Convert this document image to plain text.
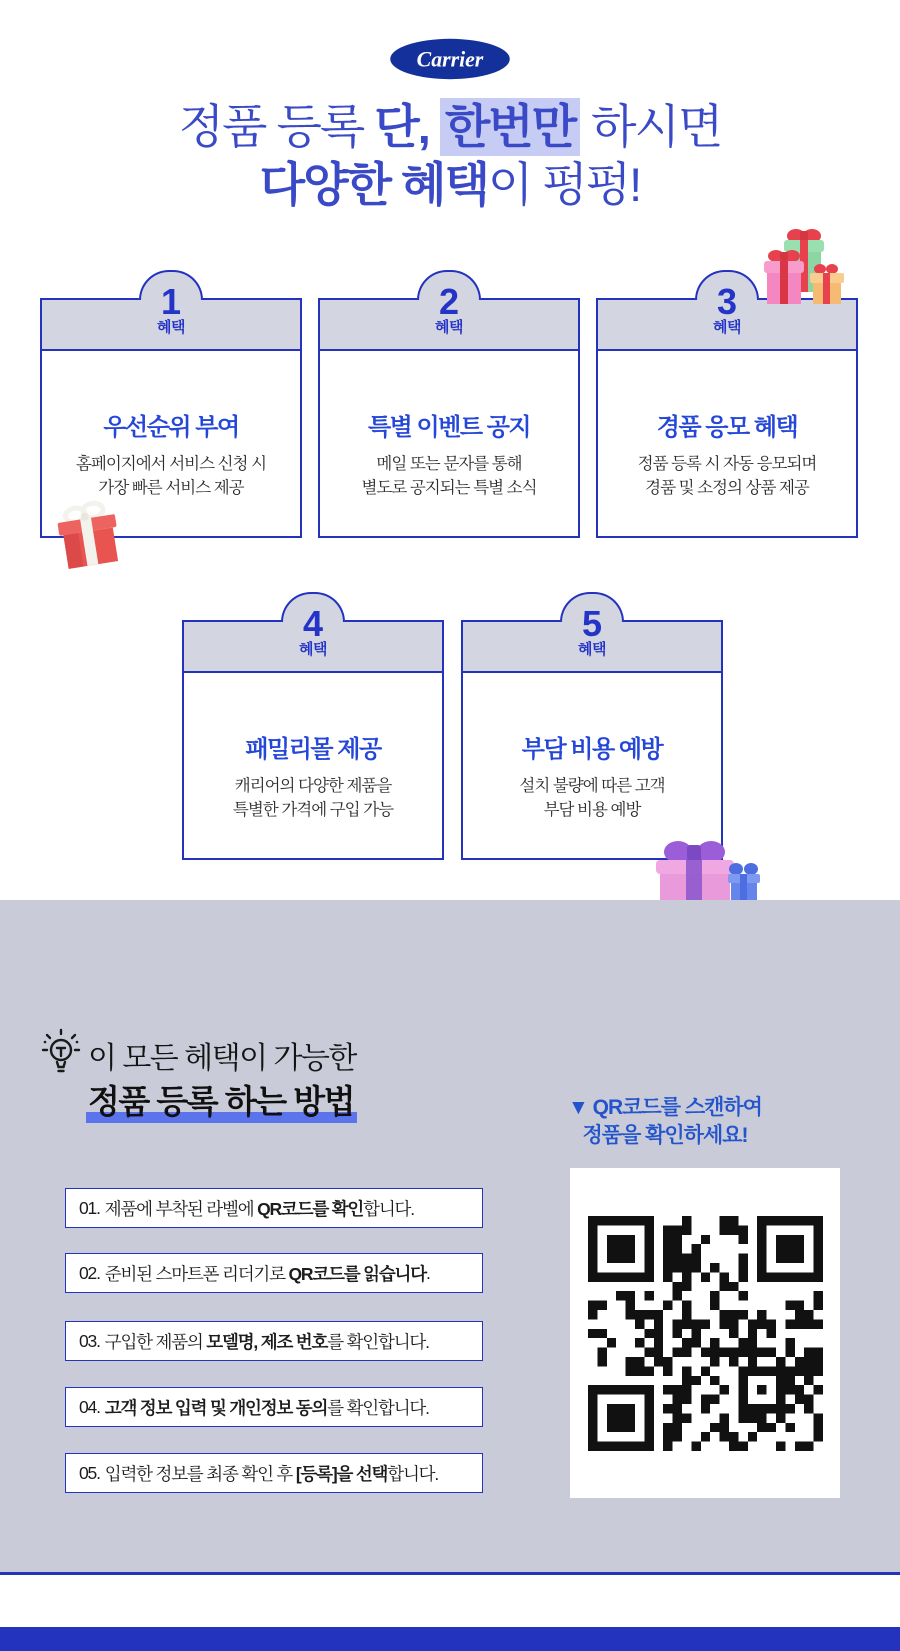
Carrier
정품 등록 단, 한번만 하시면
다양한 혜택이 펑펑!
1
혜택
우선순위 부여
홈페이지에서 서비스 신청 시
가장 빠른 서비스 제공
2
혜택
특별 이벤트 공지
메일 또는 문자를 통해
별도로 공지되는 특별 소식
3
혜택
경품 응모 혜택
정품 등록 시 자동 응모되며
경품 및 소정의 상품 제공
4
혜택
패밀리몰 제공
캐리어의 다양한 제품을
특별한 가격에 구입 가능
5
혜택
부담 비용 예방
설치 불량에 따른 고객
부담 비용 예방
이 모든 헤택이 가능한
정품 등록 하는 방법
01. 제품에 부착된 라벨에 QR코드를 확인 합니다.
02. 준비된 스마트폰 리더기로 QR코드를 읽습니다 .
03. 구입한 제품의 모델명, 제조 번호 를 확인합니다.
04. 고객 정보 입력 및 개인정보 동의 를 확인합니다.
05. 입력한 정보를 최종 확인 후 [등록]을 선택 합니다.
▼ QR코드를 스캔하여
정품을 확인하세요!
